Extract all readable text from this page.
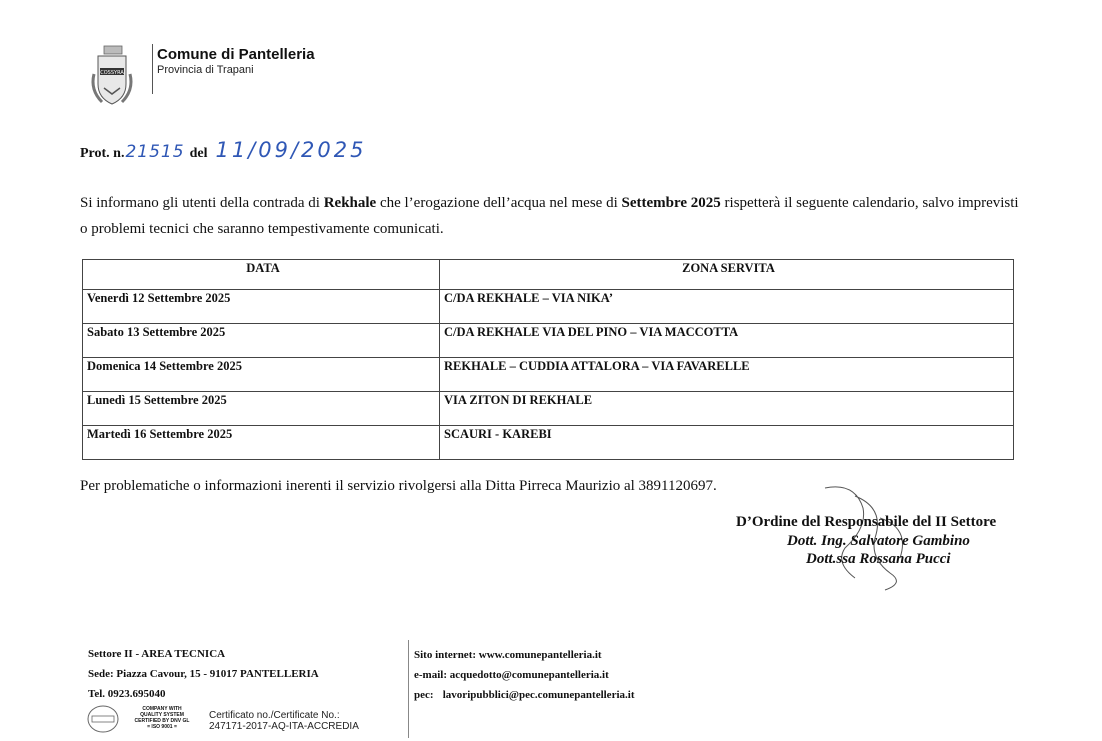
COSSYRA
Comune di Pantelleria
Provincia di Trapani
Prot. n.21515 del 11/09/2025
Si informano gli utenti della contrada di Rekhale che l’erogazione dell’acqua nel mese di Settembre 2025 rispetterà il seguente calendario, salvo imprevisti o problemi tecnici che saranno tempestivamente comunicati.
DATA	ZONA SERVITA
Venerdì 12 Settembre 2025	C/DA REKHALE – VIA NIKA’
Sabato 13 Settembre 2025	C/DA REKHALE VIA DEL PINO – VIA MACCOTTA
Domenica 14 Settembre 2025	REKHALE – CUDDIA ATTALORA – VIA FAVARELLE
Lunedì 15 Settembre 2025	VIA ZITON DI REKHALE
Martedì 16 Settembre 2025	SCAURI - KAREBI
Per problematiche o informazioni inerenti il servizio rivolgersi alla Ditta Pirreca Maurizio al 3891120697.
D’Ordine del Responsabile del II Settore
Dott. Ing. Salvatore Gambino
Dott.ssa Rossana Pucci
Settore II - AREA TECNICA
Sede: Piazza Cavour, 15 - 91017 PANTELLERIA
Tel. 0923.695040
Sito internet: www.comunepantelleria.it
e-mail: acquedotto@comunepantelleria.it
pec: lavoripubblici@pec.comunepantelleria.it
COMPANY WITH
QUALITY SYSTEM
CERTIFIED BY DNV GL
= ISO 9001 =
Certificato no./Certificate No.:
247171-2017-AQ-ITA-ACCREDIA
